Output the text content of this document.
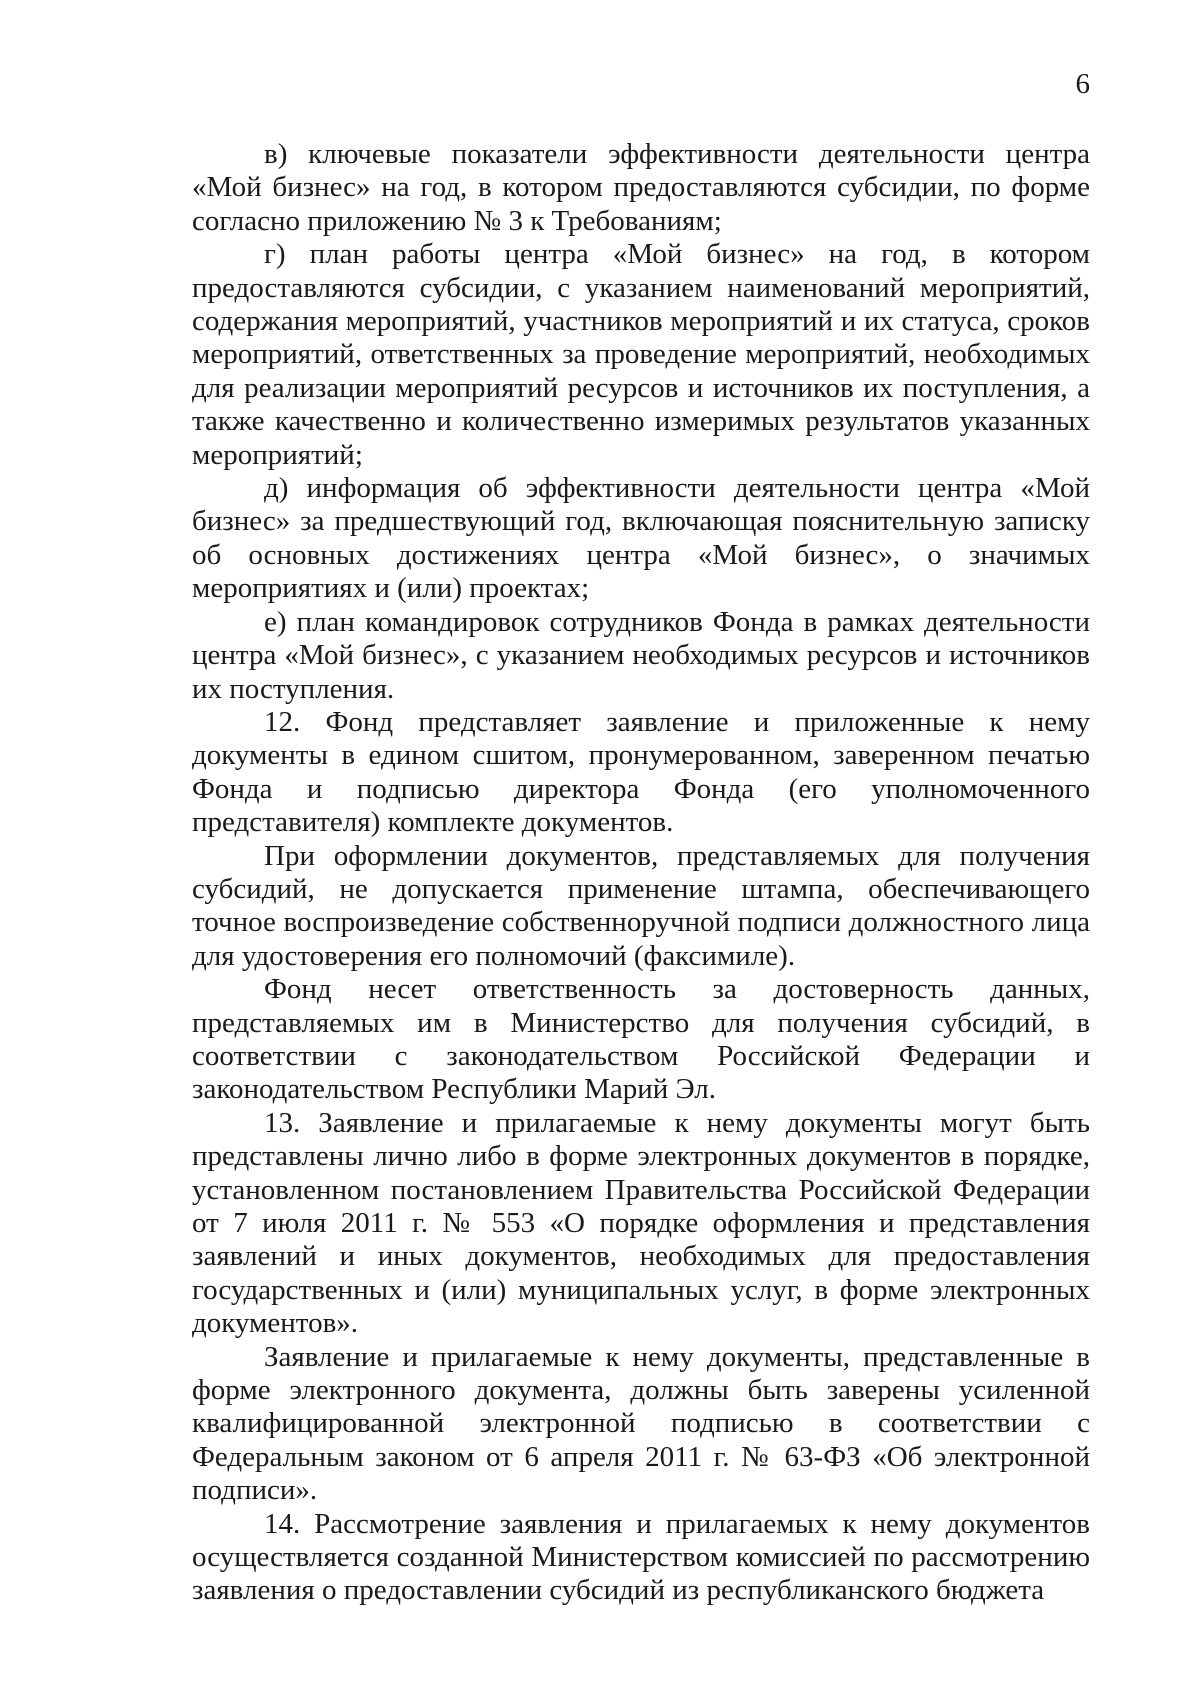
6

в) ключевые показатели эффективности деятельности центра «Мой бизнес» на год, в котором предоставляются субсидии, по форме согласно приложению № 3 к Требованиям;

г) план работы центра «Мой бизнес» на год, в котором предоставляются субсидии, с указанием наименований мероприятий, содержания мероприятий, участников мероприятий и их статуса, сроков мероприятий, ответственных за проведение мероприятий, необходимых для реализации мероприятий ресурсов и источников их поступления, а также качественно и количественно измеримых результатов указанных мероприятий;

д) информация об эффективности деятельности центра «Мой бизнес» за предшествующий год, включающая пояснительную записку об основных достижениях центра «Мой бизнес», о значимых мероприятиях и (или) проектах;

е) план командировок сотрудников Фонда в рамках деятельности центра «Мой бизнес», с указанием необходимых ресурсов и источников их поступления.

12. Фонд представляет заявление и приложенные к нему документы в едином сшитом, пронумерованном, заверенном печатью Фонда и подписью директора Фонда (его уполномоченного представителя) комплекте документов.

При оформлении документов, представляемых для получения субсидий, не допускается применение штампа, обеспечивающего точное воспроизведение собственноручной подписи должностного лица для удостоверения его полномочий (факсимиле).

Фонд несет ответственность за достоверность данных, представляемых им в Министерство для получения субсидий, в соответствии с законодательством Российской Федерации и законодательством Республики Марий Эл.

13. Заявление и прилагаемые к нему документы могут быть представлены лично либо в форме электронных документов в порядке, установленном постановлением Правительства Российской Федерации от 7 июля 2011 г. № 553 «О порядке оформления и представления заявлений и иных документов, необходимых для предоставления государственных и (или) муниципальных услуг, в форме электронных документов».

Заявление и прилагаемые к нему документы, представленные в форме электронного документа, должны быть заверены усиленной квалифицированной электронной подписью в соответствии с Федеральным законом от 6 апреля 2011 г. № 63-ФЗ «Об электронной подписи».

14. Рассмотрение заявления и прилагаемых к нему документов осуществляется созданной Министерством комиссией по рассмотрению заявления о предоставлении субсидий из республиканского бюджета
